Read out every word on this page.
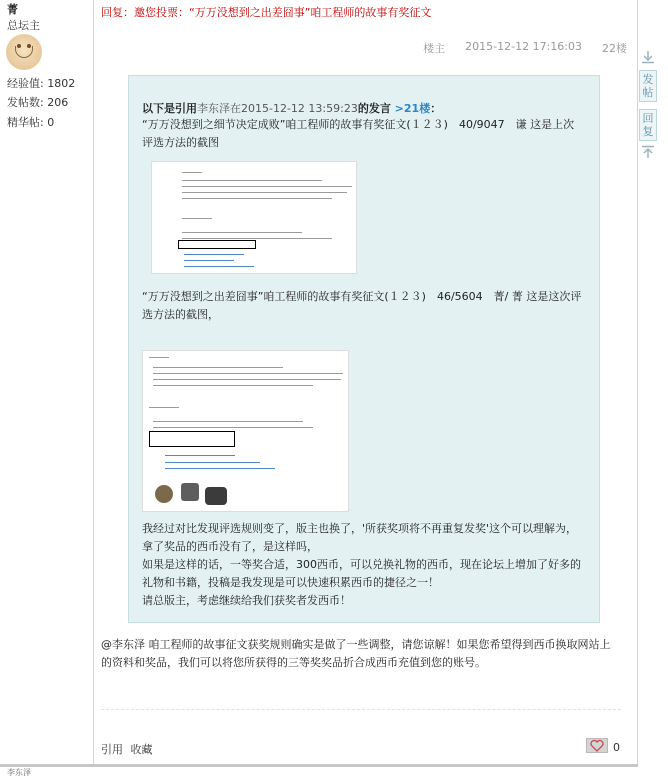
菁
总坛主
经验值: 1802
发帖数: 206
精华帖: 0
回复：邀您投票：“万万没想到之出差囧事”咱工程师的故事有奖征文
楼主 2015-12-12 17:16:03 22楼
以下是引用李东泽在2015-12-12 13:59:23的发言 >21楼：
“万万没想到之细节决定成败”咱工程师的故事有奖征文(１２３)　40/9047　谦 这是上次评选方法的截图
“万万没想到之出差囧事”咱工程师的故事有奖征文(１２３)　46/5604　菁/ 菁 这是这次评选方法的截图，
我经过对比发现评选规则变了，版主也换了，'所获奖项将不再重复发奖'这个可以理解为，拿了奖品的西币没有了，是这样吗，
如果是这样的话，一等奖合适，300西币，可以兑换礼物的西币，现在论坛上增加了好多的礼物和书籍，投稿是我发现是可以快速积累西币的捷径之一！
请总版主，考虑继续给我们获奖者发西币！
@李东泽 咱工程师的故事征文获奖规则确实是做了一些调整，请您谅解！如果您希望得到西币换取网站上的资料和奖品，我们可以将您所获得的三等奖奖品折合成西币充值到您的账号。
引用 收藏	0
发帖
回复
李东泽
